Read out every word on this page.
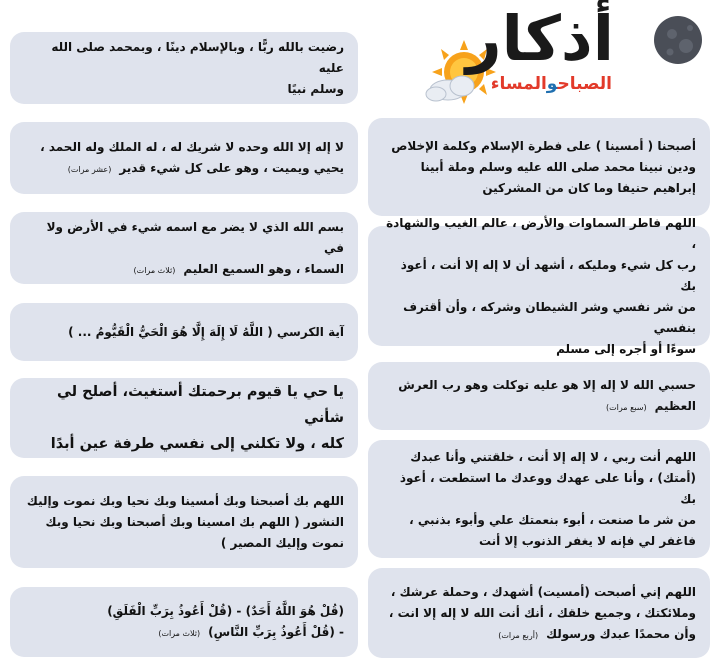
أذكار
الصباحوالمساء
رضيت بالله ربًّا ، وبالإسلام دينًا ، وبمحمد صلى الله عليه
وسلم نبيًا
لا إله إلا الله وحده لا شريك له ، له الملك وله الحمد ،
يحيي ويميت ، وهو على كل شيء قدير(عشر مرات)
بسم الله الذي لا يضر مع اسمه شيء في الأرض ولا في
السماء ، وهو السميع العليم(ثلاث مرات)
آية الكرسي ( اللَّهُ لَا إِلَهَ إِلَّا هُوَ الْحَيُّ الْقَيُّومُ ... )
يا حي يا قيوم برحمتك أستغيث، أصلح لي شأني
كله ، ولا تكلني إلى نفسي طرفة عين أبدًا
اللهم بك أصبحنا وبك أمسينا وبك نحيا وبك نموت وإليك
النشور ( اللهم بك امسينا وبك أصبحنا وبك نحيا وبك
نموت وإليك المصير )
(قُلْ هُوَ اللَّهُ أَحَدٌ) - (قُلْ أَعُوذُ بِرَبِّ الْفَلَقِ)
- (قُلْ أَعُوذُ بِرَبِّ النَّاسِ)(ثلاث مرات)
أصبحنا ( أمسينا ) على فطرة الإسلام وكلمة الإخلاص
ودين نبينا محمد صلى الله عليه وسلم وملة أبينا
إبراهيم حنيفا وما كان من المشركين
اللهم فاطر السماوات والأرض ، عالم الغيب والشهادة ،
رب كل شيء ومليكه ، أشهد أن لا إله إلا أنت ، أعوذ بك
من شر نفسي وشر الشيطان وشركه ، وأن أقترف بنفسي
سوءًا أو أجره إلى مسلم
حسبي الله لا إله إلا هو عليه توكلت وهو رب العرش
العظيم(سبع مرات)
اللهم أنت ربي ، لا إله إلا أنت ، خلقتني وأنا عبدك
(أمتك) ، وأنا على عهدك ووعدك ما استطعت ، أعوذ بك
من شر ما صنعت ، أبوء بنعمتك علي وأبوء بذنبي ،
فاغفر لي فإنه لا يغفر الذنوب إلا أنت
اللهم إني أصبحت (أمسيت) أشهدك ، وحملة عرشك ،
وملائكتك ، وجميع خلقك ، أنك أنت الله لا إله إلا انت ،
وأن محمدًا عبدك ورسولك(أربع مرات)
